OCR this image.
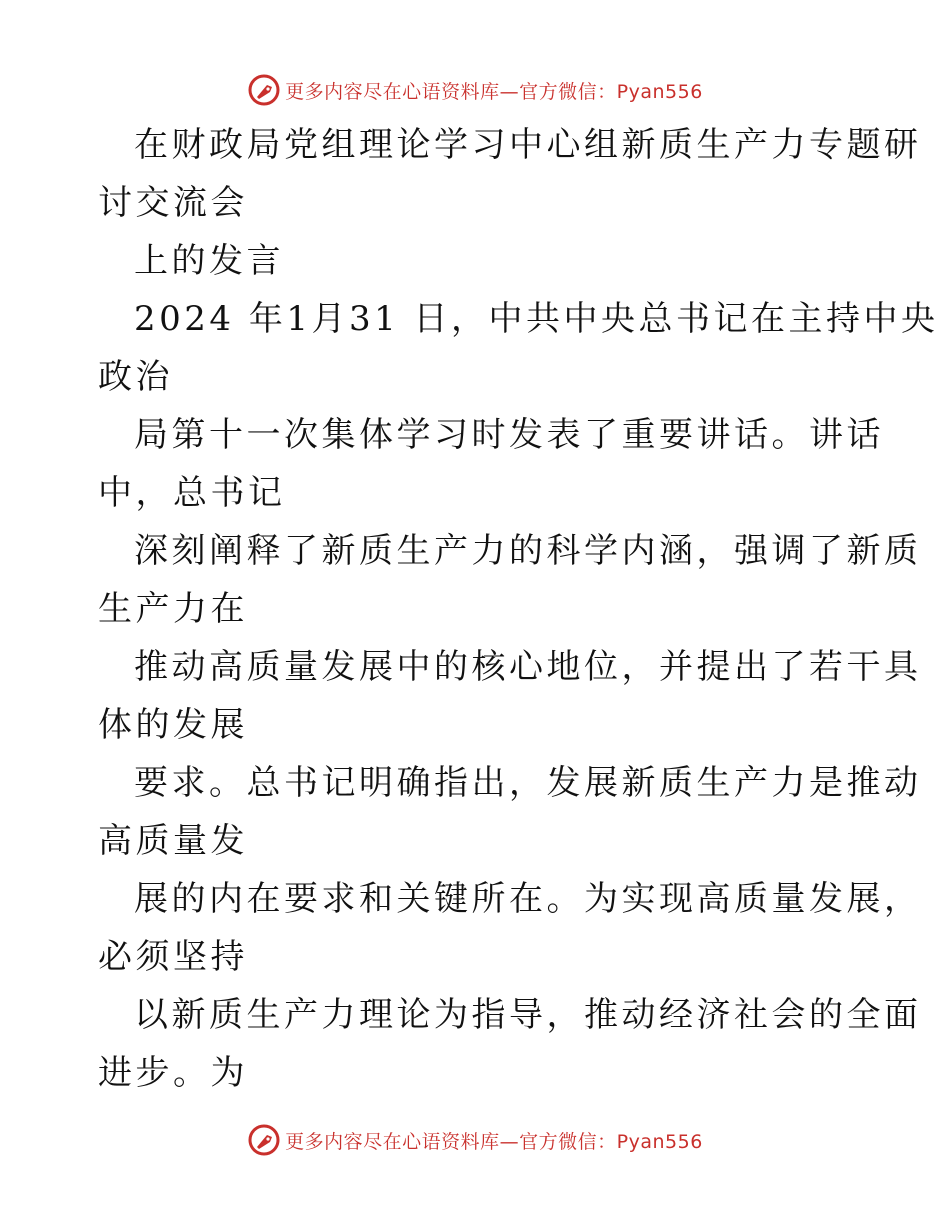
更多内容尽在心语资料库—官方微信：Pyan556
在财政局党组理论学习中心组新质生产力专题研
讨交流会
上的发言
2024 年1月31 日，中共中央总书记在主持中央
政治
局第十一次集体学习时发表了重要讲话。讲话
中，总书记
深刻阐释了新质生产力的科学内涵，强调了新质
生产力在
推动高质量发展中的核心地位，并提出了若干具
体的发展
要求。总书记明确指出，发展新质生产力是推动
高质量发
展的内在要求和关键所在。为实现高质量发展，
必须坚持
以新质生产力理论为指导，推动经济社会的全面
进步。为
更多内容尽在心语资料库—官方微信：Pyan556
